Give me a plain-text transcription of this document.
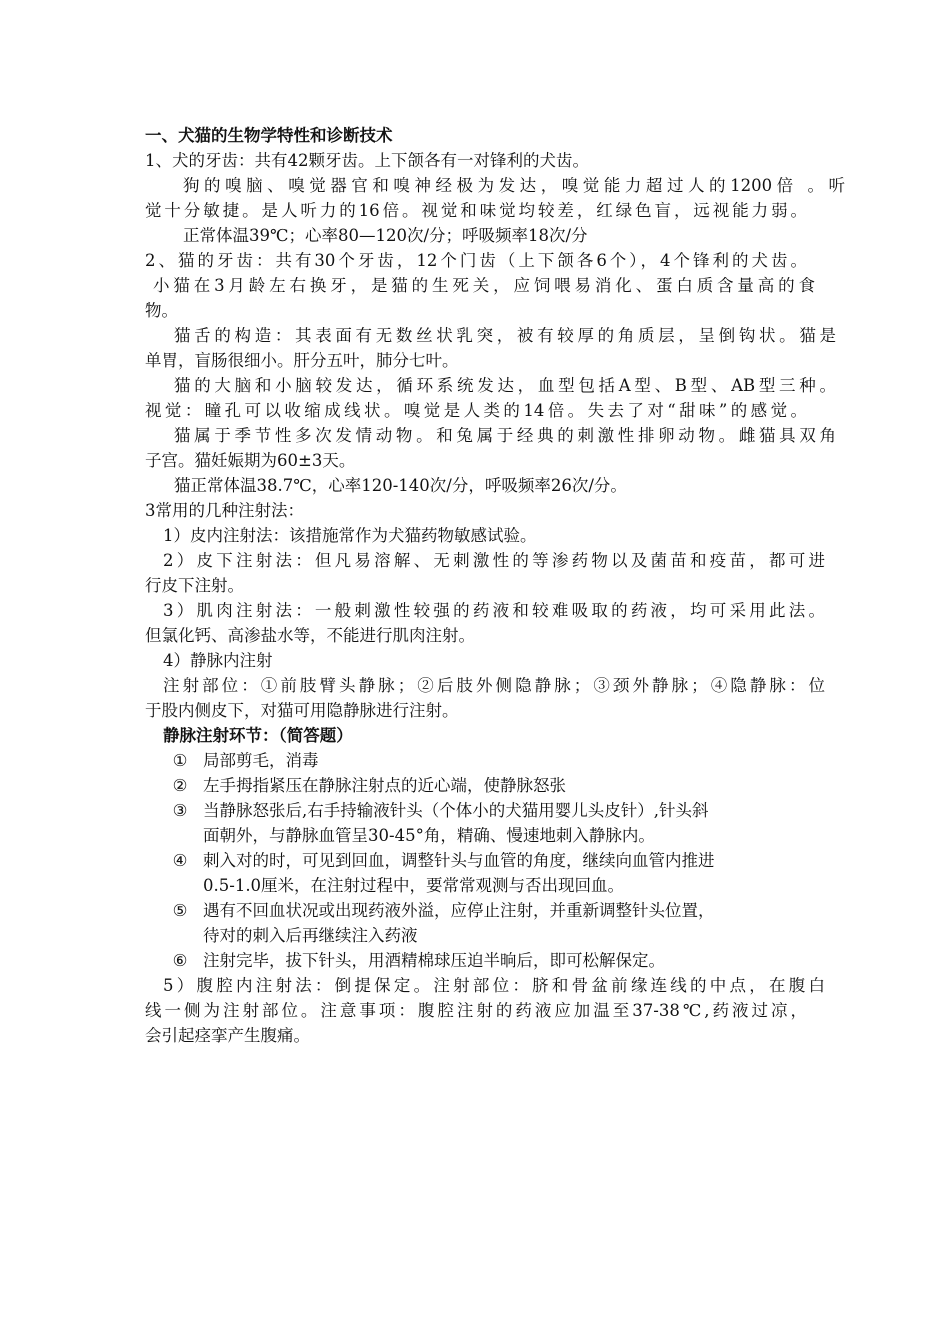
一、犬猫的生物学特性和诊断技术
1、犬的牙齿：共有42颗牙齿。上下颌各有一对锋利的犬齿。
狗的嗅脑、嗅觉器官和嗅神经极为发达，嗅觉能力超过人的1200倍 。听
觉十分敏捷。是人听力的16倍。视觉和味觉均较差，红绿色盲，远视能力弱。
正常体温39℃；心率80—120次/分；呼吸频率18次/分
2、猫的牙齿：共有30个牙齿，12个门齿（上下颌各6个），4个锋利的犬齿。
小猫在3月龄左右换牙，是猫的生死关，应饲喂易消化、蛋白质含量高的食
物。
猫舌的构造：其表面有无数丝状乳突，被有较厚的角质层，呈倒钩状。猫是
单胃，盲肠很细小。肝分五叶，肺分七叶。
猫的大脑和小脑较发达，循环系统发达，血型包括A型、B型、AB型三种。
视觉：瞳孔可以收缩成线状。嗅觉是人类的14倍。失去了对“甜味”的感觉。
猫属于季节性多次发情动物。和兔属于经典的刺激性排卵动物。雌猫具双角
子宫。猫妊娠期为60±3天。
猫正常体温38.7℃，心率120-140次/分，呼吸频率26次/分。
3常用的几种注射法：
1）皮内注射法：该措施常作为犬猫药物敏感试验。
2）皮下注射法：但凡易溶解、无刺激性的等渗药物以及菌苗和疫苗，都可进
行皮下注射。
3）肌肉注射法：一般刺激性较强的药液和较难吸取的药液，均可采用此法。
但氯化钙、高渗盐水等，不能进行肌肉注射。
4）静脉内注射
注射部位：①前肢臂头静脉；②后肢外侧隐静脉；③颈外静脉；④隐静脉：位
于股内侧皮下，对猫可用隐静脉进行注射。
静脉注射环节：（简答题）
① 局部剪毛，消毒
② 左手拇指紧压在静脉注射点的近心端，使静脉怒张
③ 当静脉怒张后,右手持输液针头（个体小的犬猫用婴儿头皮针）,针头斜
面朝外，与静脉血管呈30-45°角，精确、慢速地刺入静脉内。
④ 刺入对的时，可见到回血，调整针头与血管的角度，继续向血管内推进
0.5-1.0厘米，在注射过程中，要常常观测与否出现回血。
⑤ 遇有不回血状况或出现药液外溢，应停止注射，并重新调整针头位置，
待对的刺入后再继续注入药液
⑥ 注射完毕，拔下针头，用酒精棉球压迫半晌后，即可松解保定。
5）腹腔内注射法：倒提保定。注射部位：脐和骨盆前缘连线的中点，在腹白
线一侧为注射部位。注意事项：腹腔注射的药液应加温至37-38℃,药液过凉，
会引起痉挛产生腹痛。
